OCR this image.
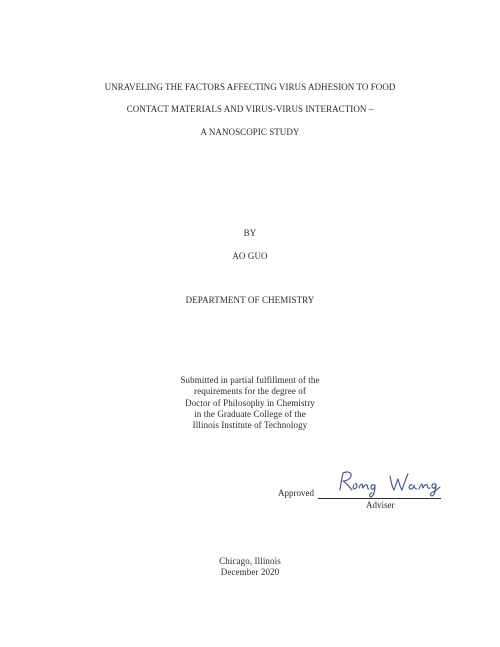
UNRAVELING THE FACTORS AFFECTING VIRUS ADHESION TO FOOD
CONTACT MATERIALS AND VIRUS-VIRUS INTERACTION –
A NANOSCOPIC STUDY
BY
AO GUO
DEPARTMENT OF CHEMISTRY
Submitted in partial fulfillment of the
requirements for the degree of
Doctor of Philosophy in Chemistry
in the Graduate College of the
Illinois Institute of Technology
Approved
Adviser
Chicago, Illinois
December 2020
